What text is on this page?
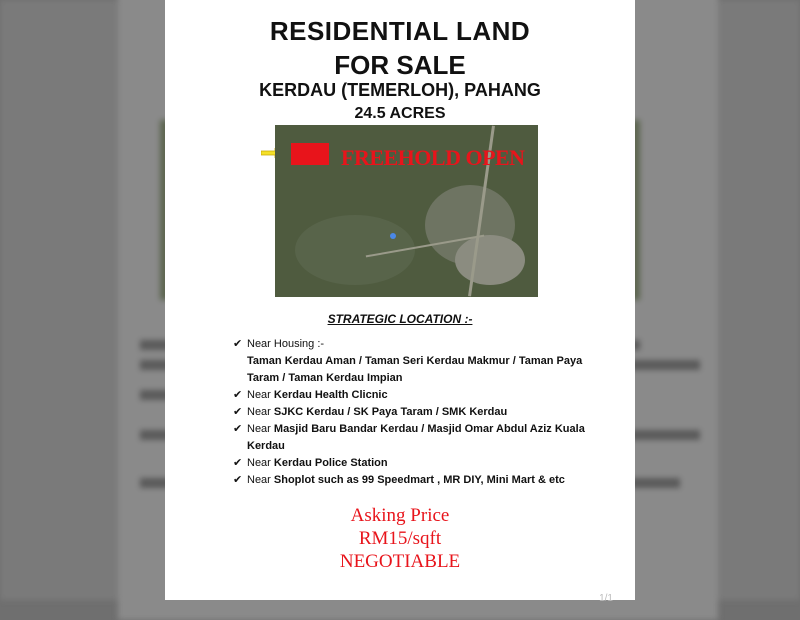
RESIDENTIAL LAND
FOR SALE
KERDAU (TEMERLOH), PAHANG
24.5 ACRES
FREEHOLD OPEN
STRATEGIC LOCATION :-
✔ Near Housing :-
Taman Kerdau Aman / Taman Seri Kerdau Makmur / Taman Paya Taram / Taman Kerdau Impian
✔ Near Kerdau Health Clicnic
✔ Near SJKC Kerdau / SK Paya Taram / SMK Kerdau
✔ Near Masjid Baru Bandar Kerdau / Masjid Omar Abdul Aziz Kuala Kerdau
✔ Near Kerdau Police Station
✔ Near Shoplot such as 99 Speedmart , MR DIY, Mini Mart & etc
Asking Price
RM15/sqft
NEGOTIABLE
1/1
